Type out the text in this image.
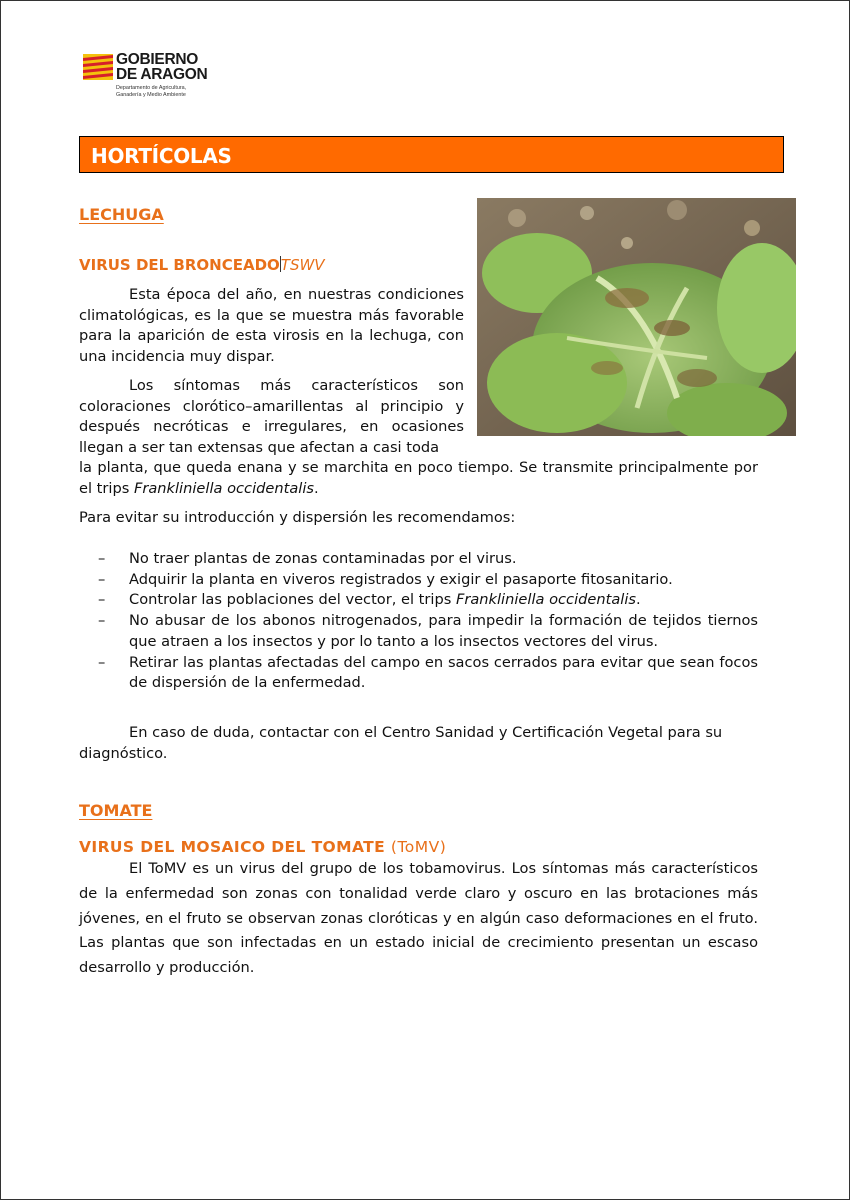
GOBIERNO
DE ARAGON
Departamento de Agricultura,
Ganadería y Medio Ambiente
HORTÍCOLAS
LECHUGA
VIRUS DEL BRONCEADOTSWV

Esta época del año, en nuestras condiciones climatológicas, es la que se muestra más favorable para la aparición de esta virosis en la lechuga, con una incidencia muy dispar.

Los síntomas más característicos son coloraciones clorótico–amarillentas al principio y después necróticas e irregulares, en ocasiones llegan a ser tan extensas que afectan a casi toda

la planta, que queda enana y se marchita en poco tiempo. Se transmite principalmente por el trips Frankliniella occidentalis.

Para evitar su introducción y dispersión les recomendamos:

– No traer plantas de zonas contaminadas por el virus.
– Adquirir la planta en viveros registrados y exigir el pasaporte fitosanitario.
– Controlar las poblaciones del vector, el trips Frankliniella occidentalis.
– No abusar de los abonos nitrogenados, para impedir la formación de tejidos tiernos que atraen a los insectos y por lo tanto a los insectos vectores del virus.
– Retirar las plantas afectadas del campo en sacos cerrados para evitar que sean focos de dispersión de la enfermedad.

En caso de duda, contactar con el Centro Sanidad y Certificación Vegetal para su diagnóstico.

TOMATE
VIRUS DEL MOSAICO DEL TOMATE (ToMV)

El ToMV es un virus del grupo de los tobamovirus. Los síntomas más característicos de la enfermedad son zonas con tonalidad verde claro y oscuro en las brotaciones más jóvenes, en el fruto se observan zonas cloróticas y en algún caso deformaciones en el fruto. Las plantas que son infectadas en un estado inicial de crecimiento presentan un escaso desarrollo y producción.
